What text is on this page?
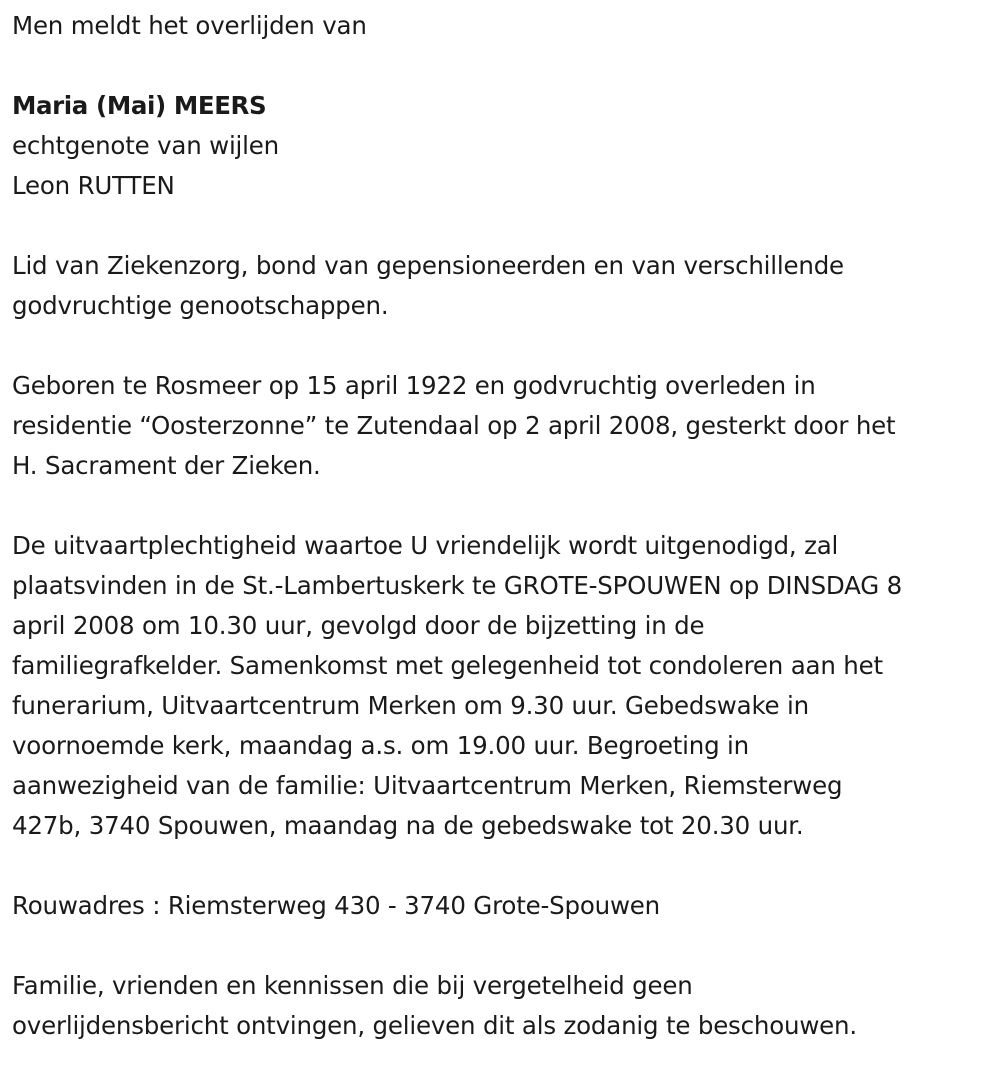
Men meldt het overlijden van

Maria (Mai) MEERS

echtgenote van wijlen

Leon RUTTEN

Lid van Ziekenzorg, bond van gepensioneerden en van verschillende

godvruchtige genootschappen.

Geboren te Rosmeer op 15 april 1922 en godvruchtig overleden in

residentie “Oosterzonne” te Zutendaal op 2 april 2008, gesterkt door het

H. Sacrament der Zieken.

De uitvaartplechtigheid waartoe U vriendelijk wordt uitgenodigd, zal

plaatsvinden in de St.-Lambertuskerk te GROTE-SPOUWEN op DINSDAG 8

april 2008 om 10.30 uur, gevolgd door de bijzetting in de

familiegrafkelder. Samenkomst met gelegenheid tot condoleren aan het

funerarium, Uitvaartcentrum Merken om 9.30 uur. Gebedswake in

voornoemde kerk, maandag a.s. om 19.00 uur. Begroeting in

aanwezigheid van de familie: Uitvaartcentrum Merken, Riemsterweg

427b, 3740 Spouwen, maandag na de gebedswake tot 20.30 uur.

Rouwadres : Riemsterweg 430 - 3740 Grote-Spouwen

Familie, vrienden en kennissen die bij vergetelheid geen

overlijdensbericht ontvingen, gelieven dit als zodanig te beschouwen.
